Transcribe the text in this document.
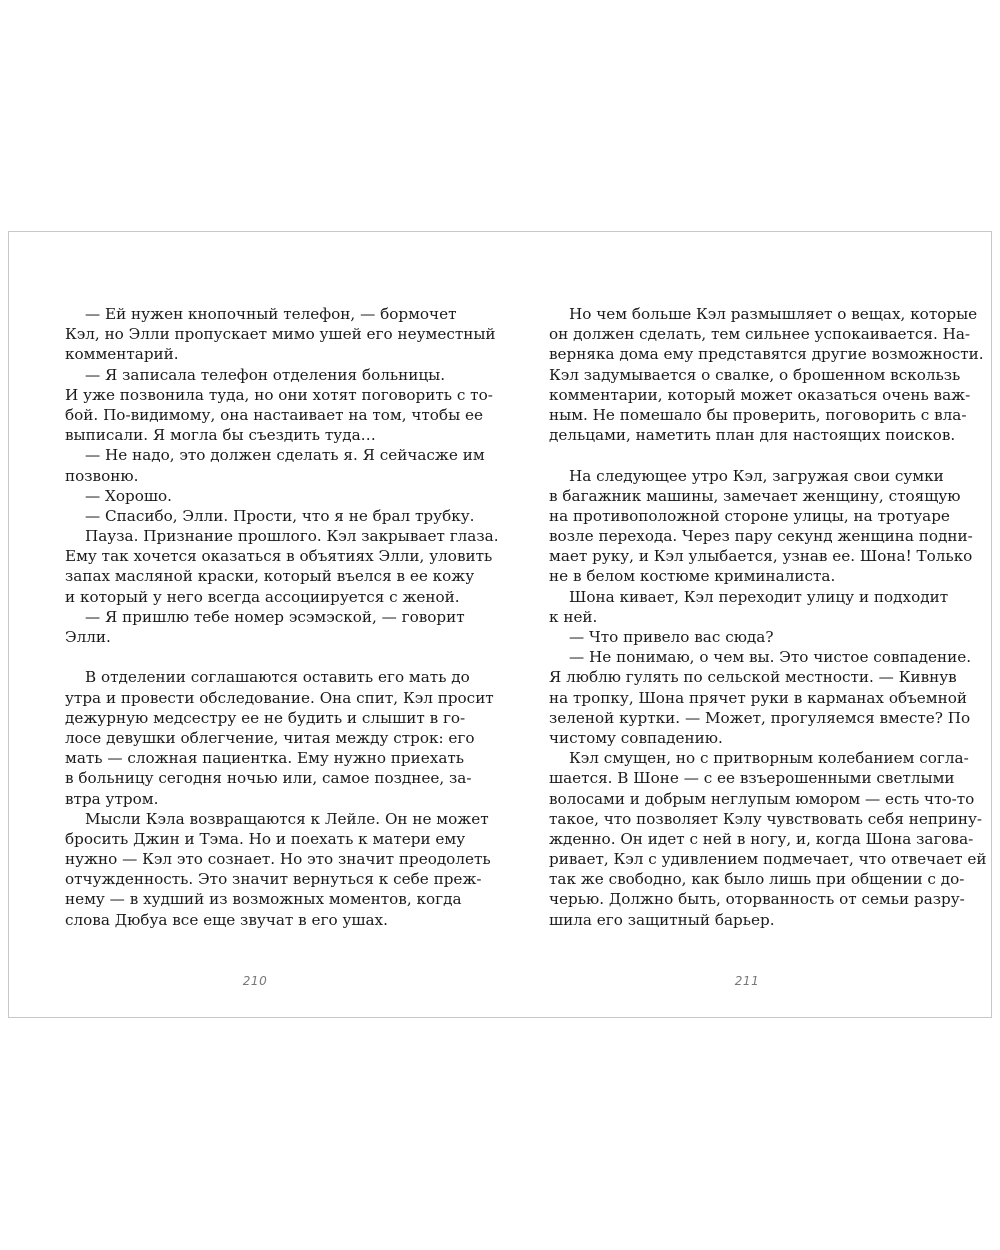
— Ей нужен кнопочный телефон, — бормочет
Кэл, но Элли пропускает мимо ушей его неуместный
комментарий.
— Я записала телефон отделения больницы.
И уже позвонила туда, но они хотят поговорить с то-
бой. По-видимому, она настаивает на том, чтобы ее
выписали. Я могла бы съездить туда…
— Не надо, это должен сделать я. Я сейчасже им
позвоню.
— Хорошо.
— Спасибо, Элли. Прости, что я не брал трубку.
Пауза. Признание прошлого. Кэл закрывает глаза.
Ему так хочется оказаться в объятиях Элли, уловить
запах масляной краски, который въелся в ее кожу
и который у него всегда ассоциируется с женой.
— Я пришлю тебе номер эсэмэской, — говорит
Элли.
В отделении соглашаются оставить его мать до
утра и провести обследование. Она спит, Кэл просит
дежурную медсестру ее не будить и слышит в го-
лосе девушки облегчение, читая между строк: его
мать — сложная пациентка. Ему нужно приехать
в больницу сегодня ночью или, самое позднее, за-
втра утром.
Мысли Кэла возвращаются к Лейле. Он не может
бросить Джин и Тэма. Но и поехать к матери ему
нужно — Кэл это сознает. Но это значит преодолеть
отчужденность. Это значит вернуться к себе преж-
нему — в худший из возможных моментов, когда
слова Дюбуа все еще звучат в его ушах.
210
Но чем больше Кэл размышляет о вещах, которые
он должен сделать, тем сильнее успокаивается. На-
верняка дома ему представятся другие возможности.
Кэл задумывается о свалке, о брошенном вскользь
комментарии, который может оказаться очень важ-
ным. Не помешало бы проверить, поговорить с вла-
дельцами, наметить план для настоящих поисков.
На следующее утро Кэл, загружая свои сумки
в багажник машины, замечает женщину, стоящую
на противоположной стороне улицы, на тротуаре
возле перехода. Через пару секунд женщина подни-
мает руку, и Кэл улыбается, узнав ее. Шона! Только
не в белом костюме криминалиста.
Шона кивает, Кэл переходит улицу и подходит
к ней.
— Что привело вас сюда?
— Не понимаю, о чем вы. Это чистое совпадение.
Я люблю гулять по сельской местности. — Кивнув
на тропку, Шона прячет руки в карманах объемной
зеленой куртки. — Может, прогуляемся вместе? По
чистому совпадению.
Кэл смущен, но с притворным колебанием согла-
шается. В Шоне — с ее взъерошенными светлыми
волосами и добрым неглупым юмором — есть что-то
такое, что позволяет Кэлу чувствовать себя неприну-
жденно. Он идет с ней в ногу, и, когда Шона загова-
ривает, Кэл с удивлением подмечает, что отвечает ей
так же свободно, как было лишь при общении с до-
черью. Должно быть, оторванность от семьи разру-
шила его защитный барьер.
211
